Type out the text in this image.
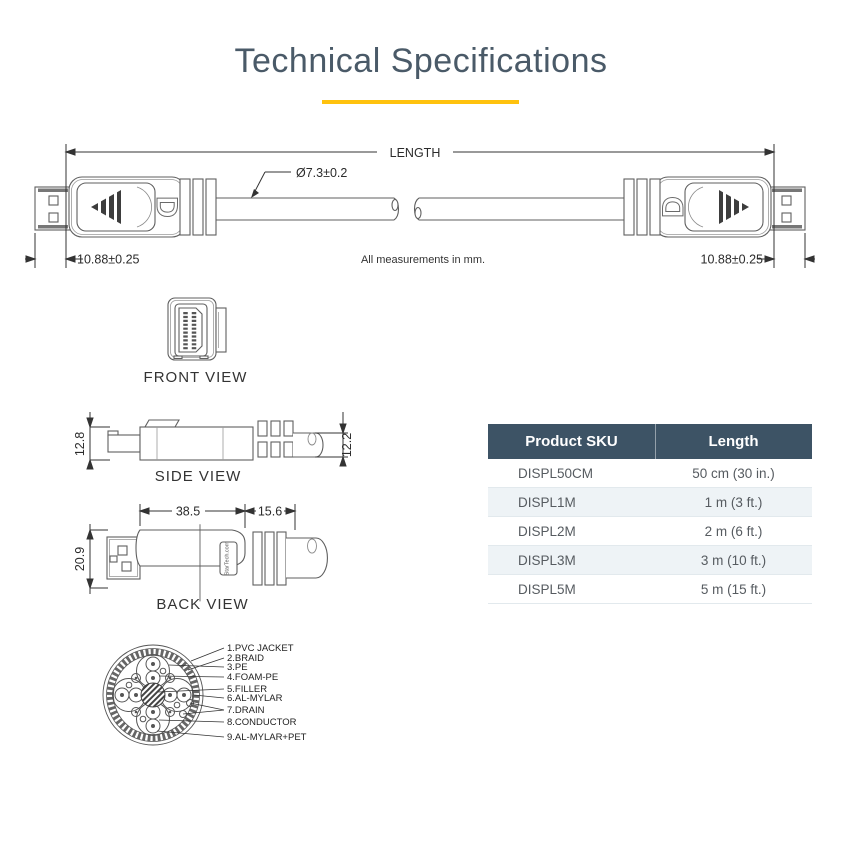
Technical Specifications
D	D
LENGTH
Ø7.3±0.2
10.88±0.25	10.88±0.25
All measurements in mm.
FRONT VIEW
12.8	12.2
SIDE VIEW
StarTech.com
38.5	15.6
20.9
BACK VIEW
1.PVC JACKET
2.BRAID
3.PE
4.FOAM-PE
5.FILLER
6.AL-MYLAR
7.DRAIN
8.CONDUCTOR
9.AL-MYLAR+PET
Product SKU	Length
DISPL50CM	50 cm (30 in.)
DISPL1M	1 m (3 ft.)
DISPL2M	2 m (6 ft.)
DISPL3M	3 m (10 ft.)
DISPL5M	5 m (15 ft.)
